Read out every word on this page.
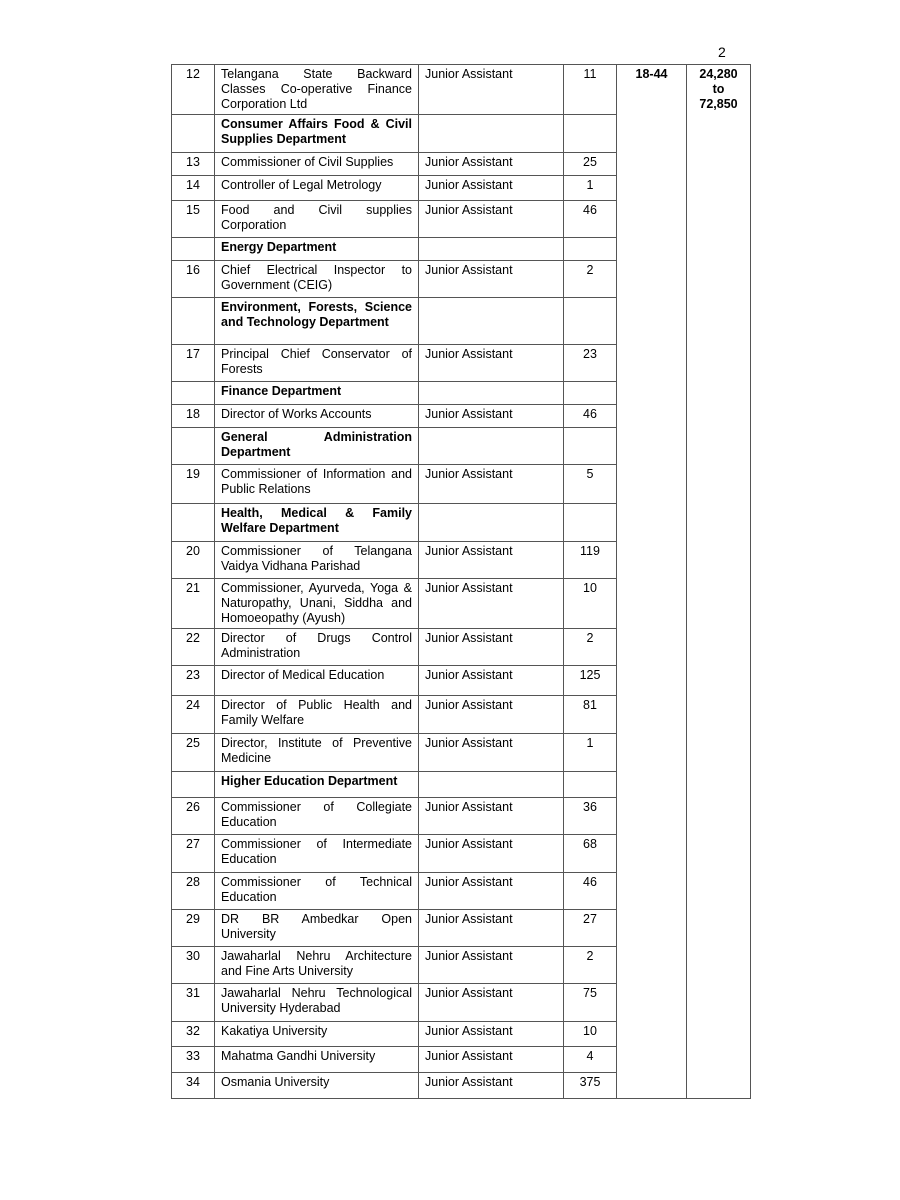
2
12	Telangana State Backward Classes Co-operative Finance Corporation Ltd	Junior Assistant	11	18-44	24,280
to
72,850

	Consumer Affairs Food & Civil Supplies Department				
13	Commissioner of Civil Supplies	Junior Assistant	25		
14	Controller of Legal Metrology	Junior Assistant	1		
15	Food and Civil supplies Corporation	Junior Assistant	46		
	Energy Department				
16	Chief Electrical Inspector to Government (CEIG)	Junior Assistant	2		
	Environment, Forests, Science and Technology Department				
17	Principal Chief Conservator of Forests	Junior Assistant	23		
	Finance Department				
18	Director of Works Accounts	Junior Assistant	46		
	General Administration Department				
19	Commissioner of Information and Public Relations	Junior Assistant	5		
	Health, Medical & Family Welfare Department				
20	Commissioner of Telangana Vaidya Vidhana Parishad	Junior Assistant	119		
21	Commissioner, Ayurveda, Yoga & Naturopathy, Unani, Siddha and Homoeopathy (Ayush)	Junior Assistant	10		
22	Director of Drugs Control Administration	Junior Assistant	2		
23	Director of Medical Education	Junior Assistant	125		
24	Director of Public Health and Family Welfare	Junior Assistant	81		
25	Director, Institute of Preventive Medicine	Junior Assistant	1		
	Higher Education Department				
26	Commissioner of Collegiate Education	Junior Assistant	36		
27	Commissioner of Intermediate Education	Junior Assistant	68		
28	Commissioner of Technical Education	Junior Assistant	46		
29	DR BR Ambedkar Open University	Junior Assistant	27		
30	Jawaharlal Nehru Architecture and Fine Arts University	Junior Assistant	2		
31	Jawaharlal Nehru Technological University Hyderabad	Junior Assistant	75		
32	Kakatiya University	Junior Assistant	10		
33	Mahatma Gandhi University	Junior Assistant	4		
34	Osmania University	Junior Assistant	375		
